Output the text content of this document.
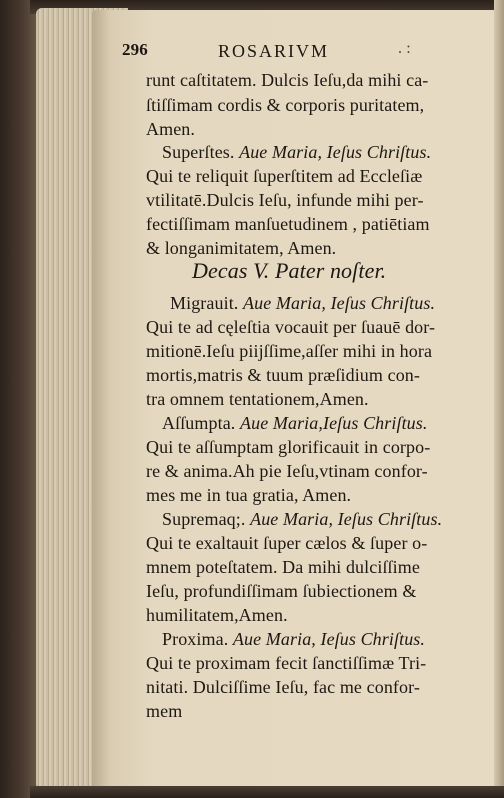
296	ROSARIVM	. :
runt caſtitatem. Dulcis Ieſu,da mihi ca-
ſtiſſimam cordis & corporis puritatem,
Amen.
Superſtes. Aue Maria, Ieſus Chriſtus.
Qui te reliquit ſuperſtitem ad Eccleſiæ
vtilitatē.Dulcis Ieſu, infunde mihi per-
fectiſſimam manſuetudinem , patiētiam
& longanimitatem, Amen.
Migrauit. Aue Maria, Ieſus Chriſtus.
Qui te ad cęleſtia vocauit per ſuauē dor-
mitionē.Ieſu piijſſime,aſſer mihi in hora
mortis,matris & tuum præſidium con-
tra omnem tentationem,Amen.
Aſſumpta. Aue Maria,Ieſus Chriſtus.
Qui te aſſumptam glorificauit in corpo-
re & anima.Ah pie Ieſu,vtinam confor-
mes me in tua gratia, Amen.
Supremaq;. Aue Maria, Ieſus Chriſtus.
Qui te exaltauit ſuper cælos & ſuper o-
mnem poteſtatem. Da mihi dulciſſime
Ieſu, profundiſſimam ſubiectionem &
humilitatem,Amen.
Proxima. Aue Maria, Ieſus Chriſtus.
Qui te proximam fecit ſanctiſſimæ Tri-
nitati. Dulciſſime Ieſu, fac me confor-
mem
Decas V. Pater noſter.
